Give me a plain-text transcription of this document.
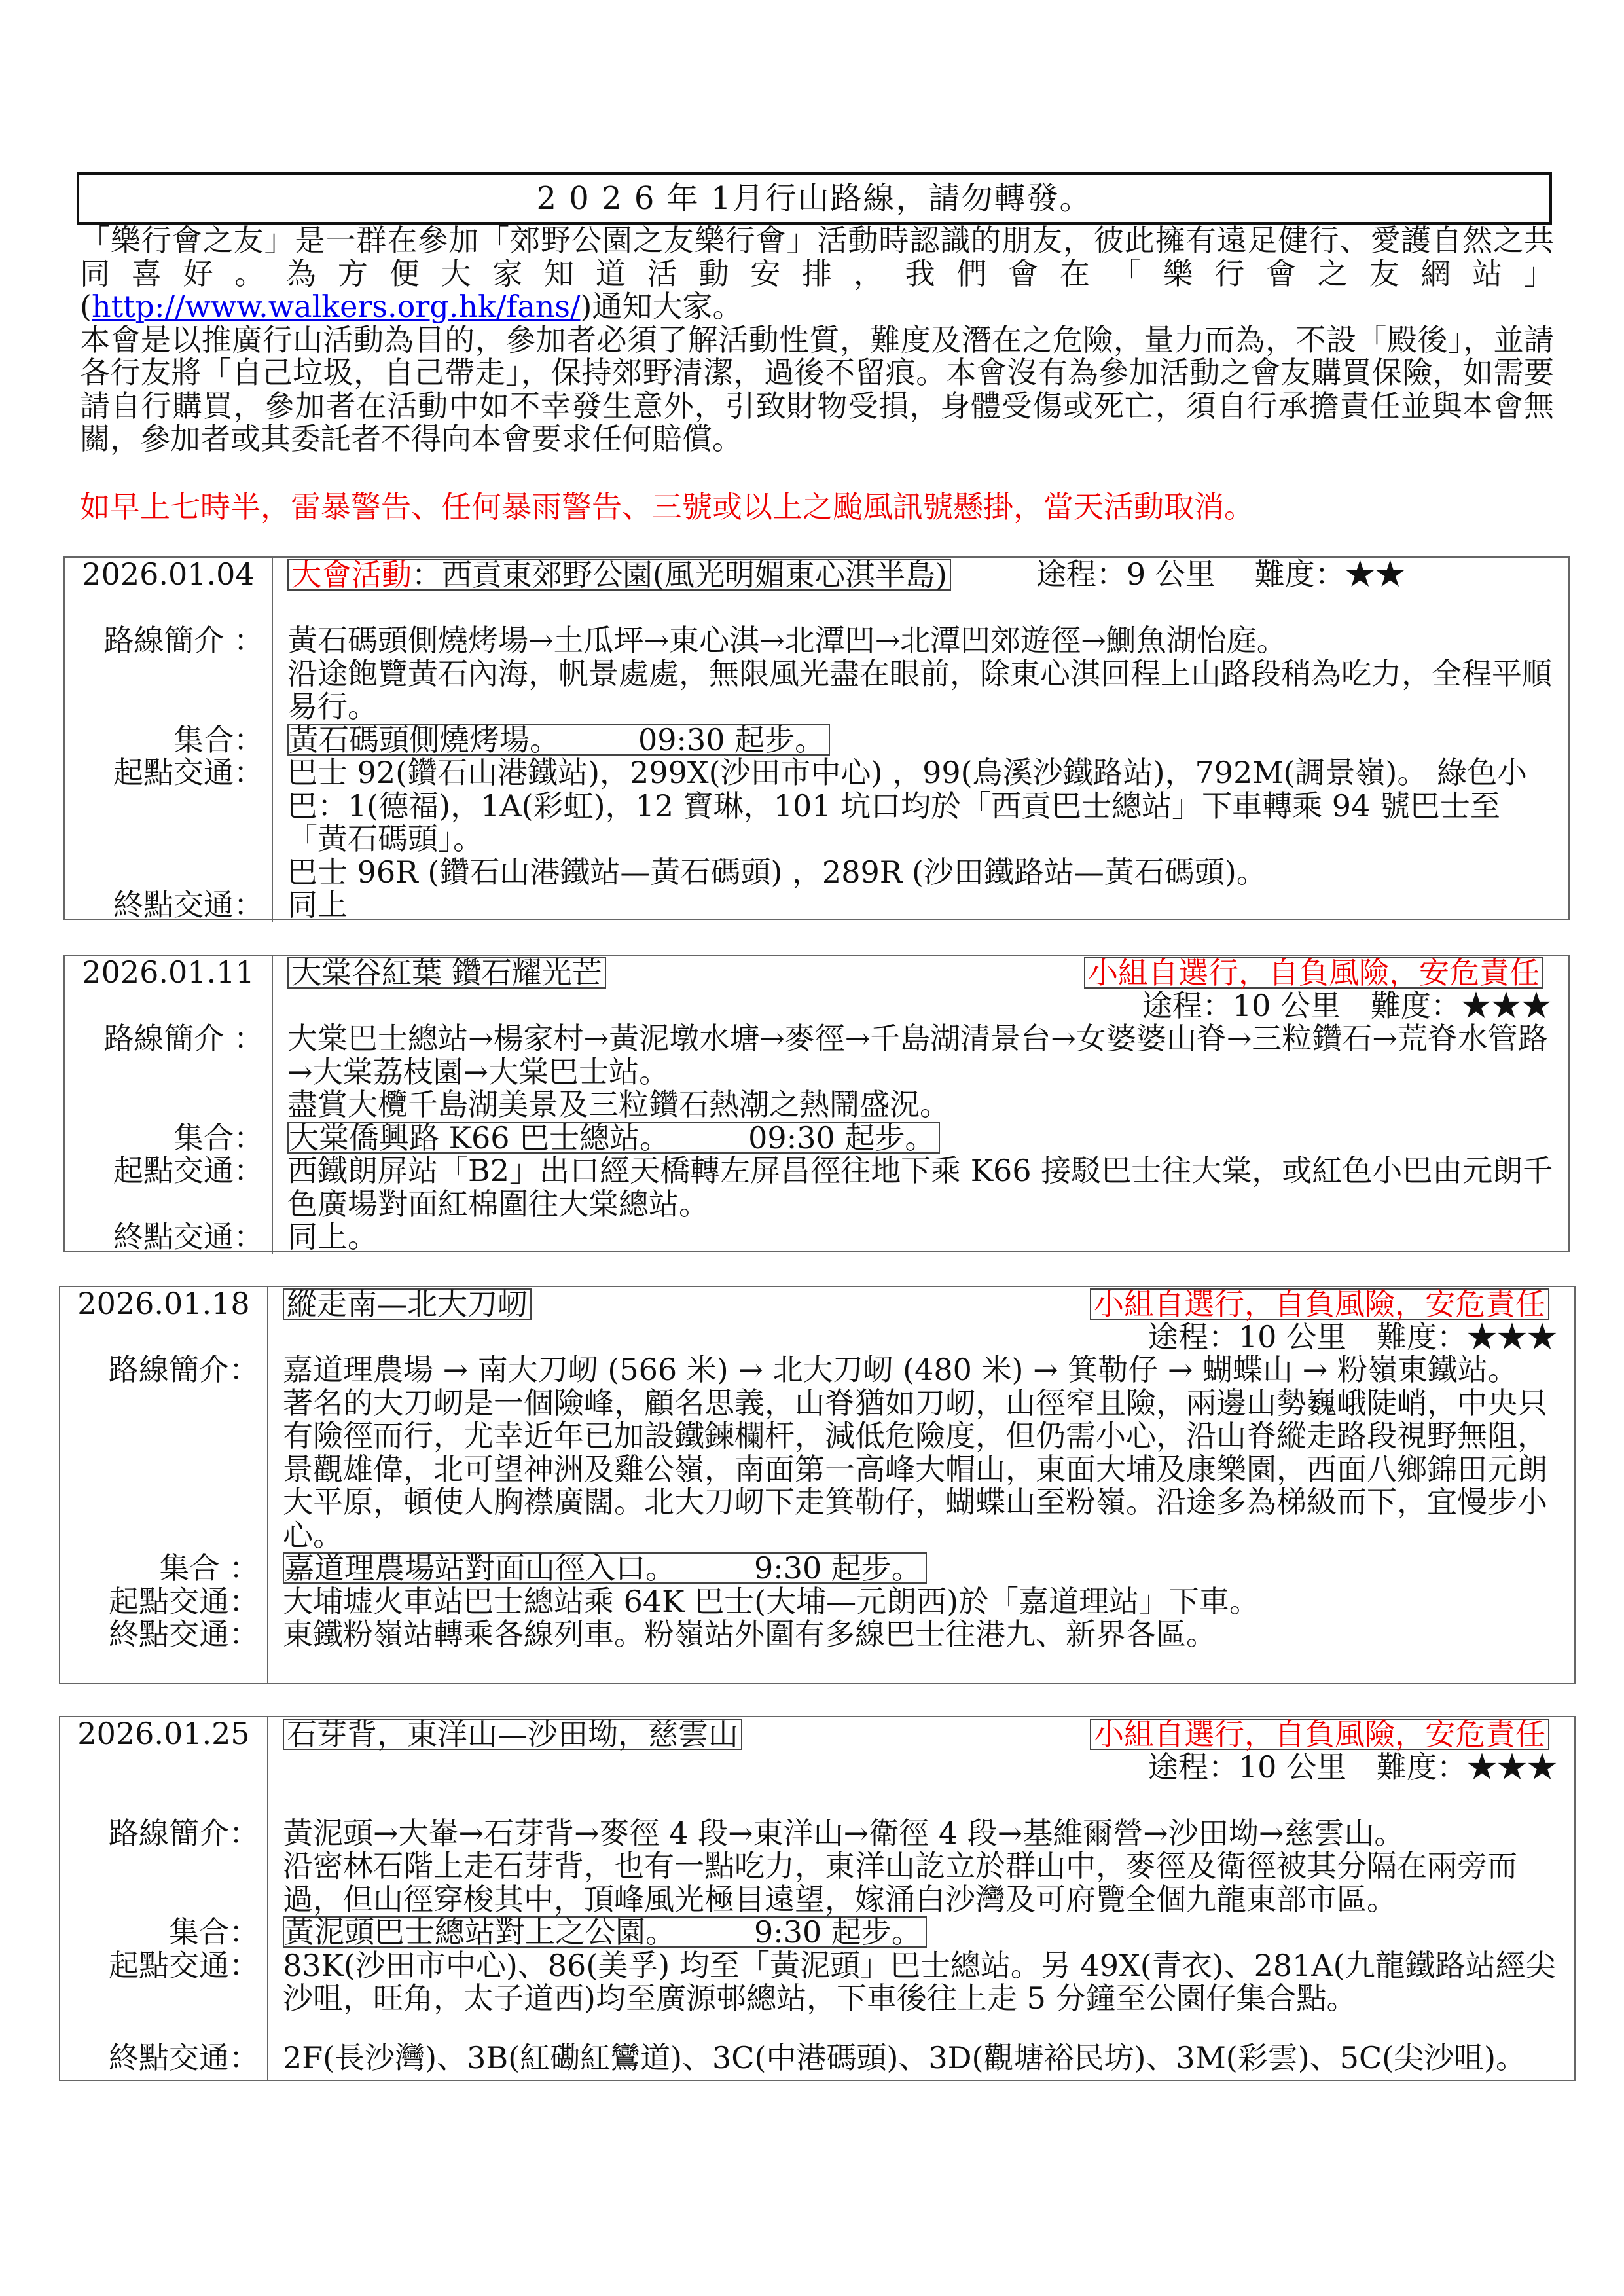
2 0 2 6 年 1月行山路線，請勿轉發。
「樂行會之友」是一群在參加「郊野公園之友樂行會」活動時認識的朋友，彼此擁有遠足健行、愛護自然之共同喜好。為方便大家知道活動安排，我們會在「樂行會之友網站」
(http://www.walkers.org.hk/fans/)通知大家。
本會是以推廣行山活動為目的，參加者必須了解活動性質，難度及潛在之危險，量力而為，不設「殿後」，並請各行友將「自己垃圾，自己帶走」，保持郊野清潔，過後不留痕。本會沒有為參加活動之會友購買保險，如需要請自行購買，參加者在活動中如不幸發生意外，引致財物受損，身體受傷或死亡，須自行承擔責任並與本會無關，參加者或其委託者不得向本會要求任何賠償。
如早上七時半，雷暴警告、任何暴雨警告、三號或以上之颱風訊號懸掛，當天活動取消。
2026.01.04	大會活動：西貢東郊野公園(風光明媚東心淇半島)	途程：9 公里 難度：★★
路線簡介 ： 黃石碼頭側燒烤場→土瓜坪→東心淇→北潭凹→北潭凹郊遊徑→鰂魚湖怡庭。
沿途飽覽黃石內海，帆景處處，無限風光盡在眼前，除東心淇回程上山路段稍為吃力，全程平順易行。
集合： 黃石碼頭側燒烤場。	09:30 起步。
起點交通： 巴士 92(鑽石山港鐵站)，299X(沙田市中心) ，99(烏溪沙鐵路站)，792M(調景嶺)。 綠色小巴：1(德福)，1A(彩虹)，12 寶琳，101 坑口均於「西貢巴士總站」下車轉乘 94 號巴士至「黃石碼頭」。
巴士 96R (鑽石山港鐵站—黃石碼頭) ，289R (沙田鐵路站—黃石碼頭)。
終點交通： 同上
2026.01.11	大棠谷紅葉 鑽石耀光芒	小組自選行，自負風險，安危責任
途程：10 公里　 難度：★★★
路線簡介 ： 大棠巴士總站→楊家村→黃泥墩水塘→麥徑→千島湖清景台→女婆婆山脊→三粒鑽石→荒脊水管路→大棠荔枝園→大棠巴士站。
盡賞大欖千島湖美景及三粒鑽石熱潮之熱鬧盛況。
集合： 大棠僑興路 K66 巴士總站。	09:30 起步。
起點交通： 西鐵朗屏站「B2」出口經天橋轉左屏昌徑往地下乘 K66 接駁巴士往大棠，或紅色小巴由元朗千色廣場對面紅棉圍往大棠總站。
終點交通： 同上。
2026.01.18	縱走南—北大刀屻	小組自選行，自負風險，安危責任
途程：10 公里　 難度：★★★
路線簡介： 嘉道理農場 → 南大刀屻 (566 米) → 北大刀屻 (480 米) → 箕勒仔 → 蝴蝶山 → 粉嶺東鐵站。
著名的大刀屻是一個險峰，顧名思義，山脊猶如刀屻，山徑窄且險，兩邊山勢巍峨陡峭，中央只有險徑而行，尤幸近年已加設鐵鍊欄杆，減低危險度，但仍需小心，沿山脊縱走路段視野無阻，景觀雄偉，北可望神洲及雞公嶺，南面第一高峰大帽山，東面大埔及康樂園，西面八鄉錦田元朗大平原，頓使人胸襟廣闊。北大刀屻下走箕勒仔，蝴蝶山至粉嶺。沿途多為梯級而下，宜慢步小心。
集合 ： 嘉道理農場站對面山徑入口。	9:30 起步。
起點交通： 大埔墟火車站巴士總站乘 64K 巴士(大埔—元朗西)於「嘉道理站」下車。
終點交通： 東鐵粉嶺站轉乘各線列車。粉嶺站外圍有多線巴士往港九、新界各區。
2026.01.25	石芽背，東洋山—沙田坳，慈雲山	小組自選行，自負風險，安危責任
途程：10 公里　 難度：★★★
路線簡介： 黃泥頭→大輋→石芽背→麥徑 4 段→東洋山→衛徑 4 段→基維爾營→沙田坳→慈雲山。
沿密林石階上走石芽背，也有一點吃力，東洋山訖立於群山中，麥徑及衛徑被其分隔在兩旁而過，但山徑穿梭其中，頂峰風光極目遠望，嫁涌白沙灣及可府覽全個九龍東部市區。
集合： 黃泥頭巴士總站對上之公園。	9:30 起步。
起點交通： 83K(沙田市中心)、86(美孚) 均至「黃泥頭」巴士總站。另 49X(青衣)、281A(九龍鐵路站經尖沙咀，旺角，太子道西)均至廣源邨總站，下車後往上走 5 分鐘至公園仔集合點。
終點交通： 2F(長沙灣)、3B(紅磡紅鸞道)、3C(中港碼頭)、3D(觀塘裕民坊)、3M(彩雲)、5C(尖沙咀)。
